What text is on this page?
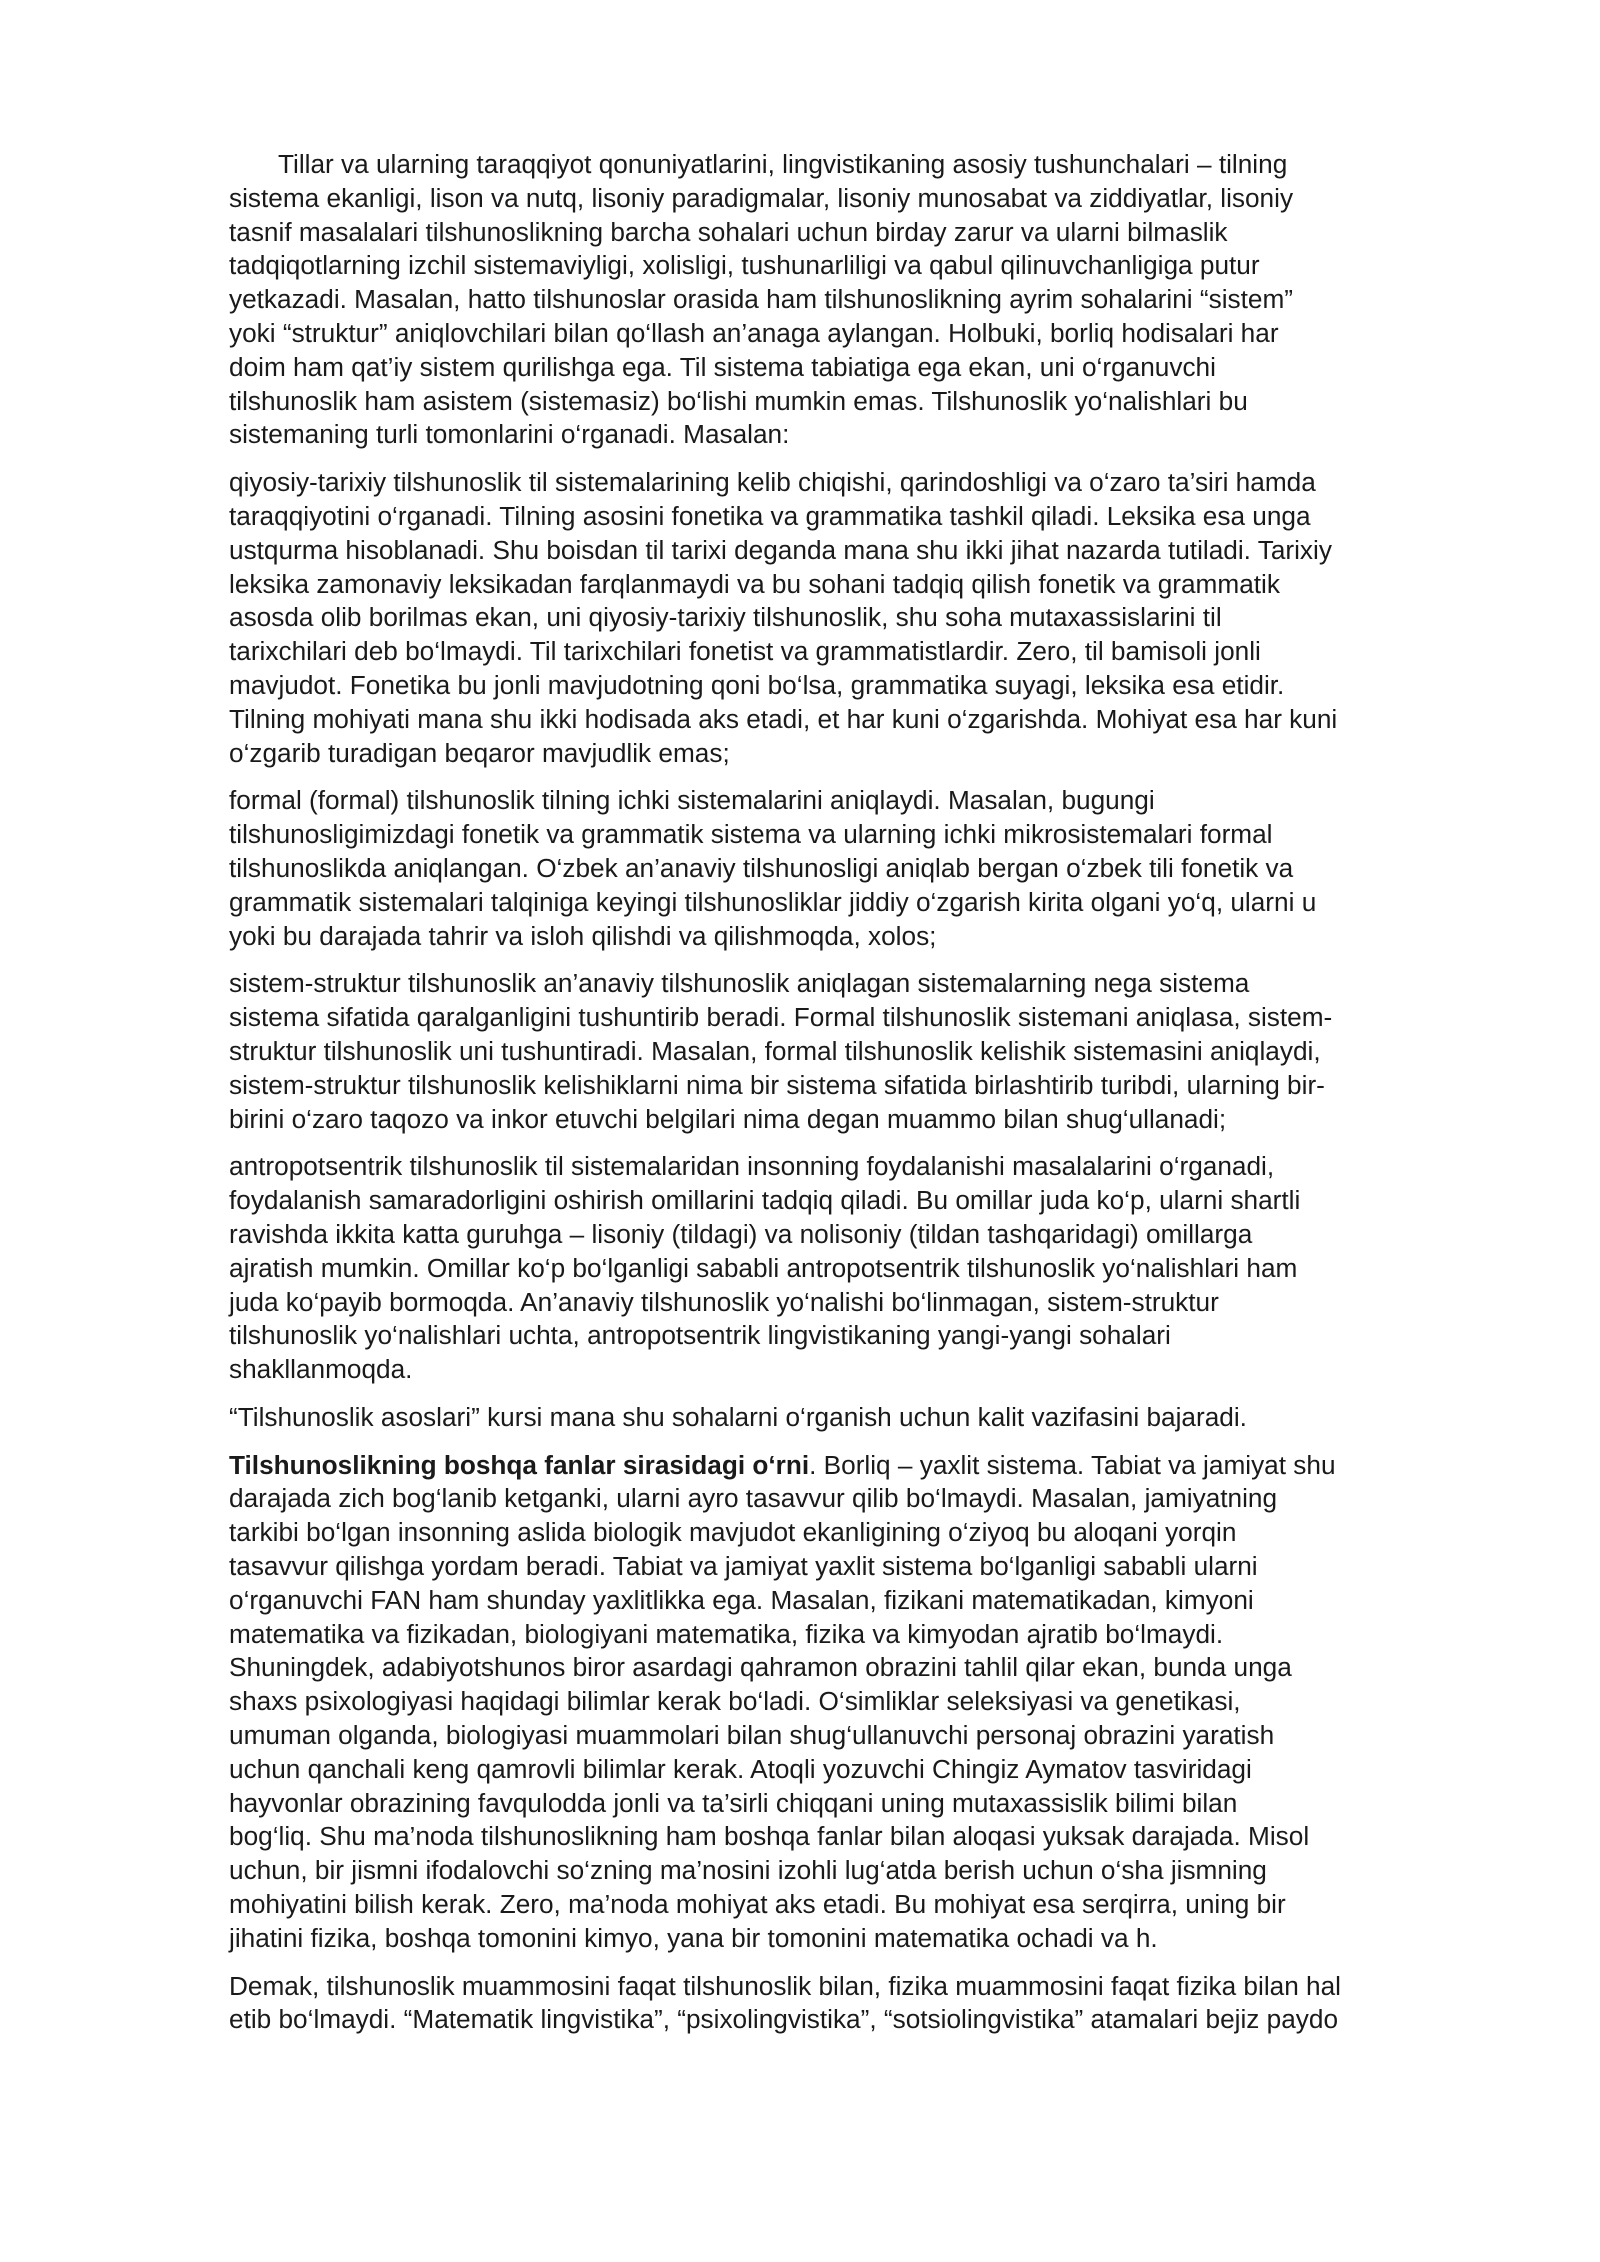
Tillar va ularning taraqqiyot qonuniyatlarini, lingvistikaning asosiy tushunchalari – tilning
sistema ekanligi, lison va nutq, lisoniy paradigmalar, lisoniy munosabat va ziddiyatlar, lisoniy
tasnif masalalari tilshunoslikning barcha sohalari uchun birday zarur va ularni bilmaslik
tadqiqotlarning izchil sistemaviyligi, xolisligi, tushunarliligi va qabul qilinuvchanligiga putur
yetkazadi. Masalan, hatto tilshunoslar orasida ham tilshunoslikning ayrim sohalarini “sistem”
yoki “struktur” aniqlovchilari bilan qo‘llash an’anaga aylangan. Holbuki, borliq hodisalari har
doim ham qat’iy sistem qurilishga ega. Til sistema tabiatiga ega ekan, uni o‘rganuvchi
tilshunoslik ham asistem (sistemasiz) bo‘lishi mumkin emas. Tilshunoslik yo‘nalishlari bu
sistemaning turli tomonlarini o‘rganadi. Masalan:

qiyosiy-tarixiy tilshunoslik til sistemalarining kelib chiqishi, qarindoshligi va o‘zaro ta’siri hamda
taraqqiyotini o‘rganadi. Tilning asosini fonetika va grammatika tashkil qiladi. Leksika esa unga
ustqurma hisoblanadi. Shu boisdan til tarixi deganda mana shu ikki jihat nazarda tutiladi. Tarixiy
leksika zamonaviy leksikadan farqlanmaydi va bu sohani tadqiq qilish fonetik va grammatik
asosda olib borilmas ekan, uni qiyosiy-tarixiy tilshunoslik, shu soha mutaxassislarini til
tarixchilari deb bo‘lmaydi. Til tarixchilari fonetist va grammatistlardir. Zero, til bamisoli jonli
mavjudot. Fonetika bu jonli mavjudotning qoni bo‘lsa, grammatika suyagi, leksika esa etidir.
Tilning mohiyati mana shu ikki hodisada aks etadi, et har kuni o‘zgarishda. Mohiyat esa har kuni
o‘zgarib turadigan beqaror mavjudlik emas;

formal (formal) tilshunoslik tilning ichki sistemalarini aniqlaydi. Masalan, bugungi
tilshunosligimizdagi fonetik va grammatik sistema va ularning ichki mikrosistemalari formal
tilshunoslikda aniqlangan. O‘zbek an’anaviy tilshunosligi aniqlab bergan o‘zbek tili fonetik va
grammatik sistemalari talqiniga keyingi tilshunosliklar jiddiy o‘zgarish kirita olgani yo‘q, ularni u
yoki bu darajada tahrir va isloh qilishdi va qilishmoqda, xolos;

sistem-struktur tilshunoslik an’anaviy tilshunoslik aniqlagan sistemalarning nega sistema
sistema sifatida qaralganligini tushuntirib beradi. Formal tilshunoslik sistemani aniqlasa, sistem-
struktur tilshunoslik uni tushuntiradi. Masalan, formal tilshunoslik kelishik sistemasini aniqlaydi,
sistem-struktur tilshunoslik kelishiklarni nima bir sistema sifatida birlashtirib turibdi, ularning bir-
birini o‘zaro taqozo va inkor etuvchi belgilari nima degan muammo bilan shug‘ullanadi;

antropotsentrik tilshunoslik til sistemalaridan insonning foydalanishi masalalarini o‘rganadi,
foydalanish samaradorligini oshirish omillarini tadqiq qiladi. Bu omillar juda ko‘p, ularni shartli
ravishda ikkita katta guruhga – lisoniy (tildagi) va nolisoniy (tildan tashqaridagi) omillarga
ajratish mumkin. Omillar ko‘p bo‘lganligi sababli antropotsentrik tilshunoslik yo‘nalishlari ham
juda ko‘payib bormoqda. An’anaviy tilshunoslik yo‘nalishi bo‘linmagan, sistem-struktur
tilshunoslik yo‘nalishlari uchta, antropotsentrik lingvistikaning yangi-yangi sohalari
shakllanmoqda.

“Tilshunoslik asoslari” kursi mana shu sohalarni o‘rganish uchun kalit vazifasini bajaradi.

Tilshunoslikning boshqa fanlar sirasidagi o‘rni. Borliq – yaxlit sistema. Tabiat va jamiyat shu
darajada zich bog‘lanib ketganki, ularni ayro tasavvur qilib bo‘lmaydi. Masalan, jamiyatning
tarkibi bo‘lgan insonning aslida biologik mavjudot ekanligining o‘ziyoq bu aloqani yorqin
tasavvur qilishga yordam beradi. Tabiat va jamiyat yaxlit sistema bo‘lganligi sababli ularni
o‘rganuvchi FAN ham shunday yaxlitlikka ega. Masalan, fizikani matematikadan, kimyoni
matematika va fizikadan, biologiyani matematika, fizika va kimyodan ajratib bo‘lmaydi.
Shuningdek, adabiyotshunos biror asardagi qahramon obrazini tahlil qilar ekan, bunda unga
shaxs psixologiyasi haqidagi bilimlar kerak bo‘ladi. O‘simliklar seleksiyasi va genetikasi,
umuman olganda, biologiyasi muammolari bilan shug‘ullanuvchi personaj obrazini yaratish
uchun qanchali keng qamrovli bilimlar kerak. Atoqli yozuvchi Chingiz Aymatov tasviridagi
hayvonlar obrazining favqulodda jonli va ta’sirli chiqqani uning mutaxassislik bilimi bilan
bog‘liq. Shu ma’noda tilshunoslikning ham boshqa fanlar bilan aloqasi yuksak darajada. Misol
uchun, bir jismni ifodalovchi so‘zning ma’nosini izohli lug‘atda berish uchun o‘sha jismning
mohiyatini bilish kerak. Zero, ma’noda mohiyat aks etadi. Bu mohiyat esa serqirra, uning bir
jihatini fizika, boshqa tomonini kimyo, yana bir tomonini matematika ochadi va h.

Demak, tilshunoslik muammosini faqat tilshunoslik bilan, fizika muammosini faqat fizika bilan hal
etib bo‘lmaydi. “Matematik lingvistika”, “psixolingvistika”, “sotsiolingvistika” atamalari bejiz paydo
